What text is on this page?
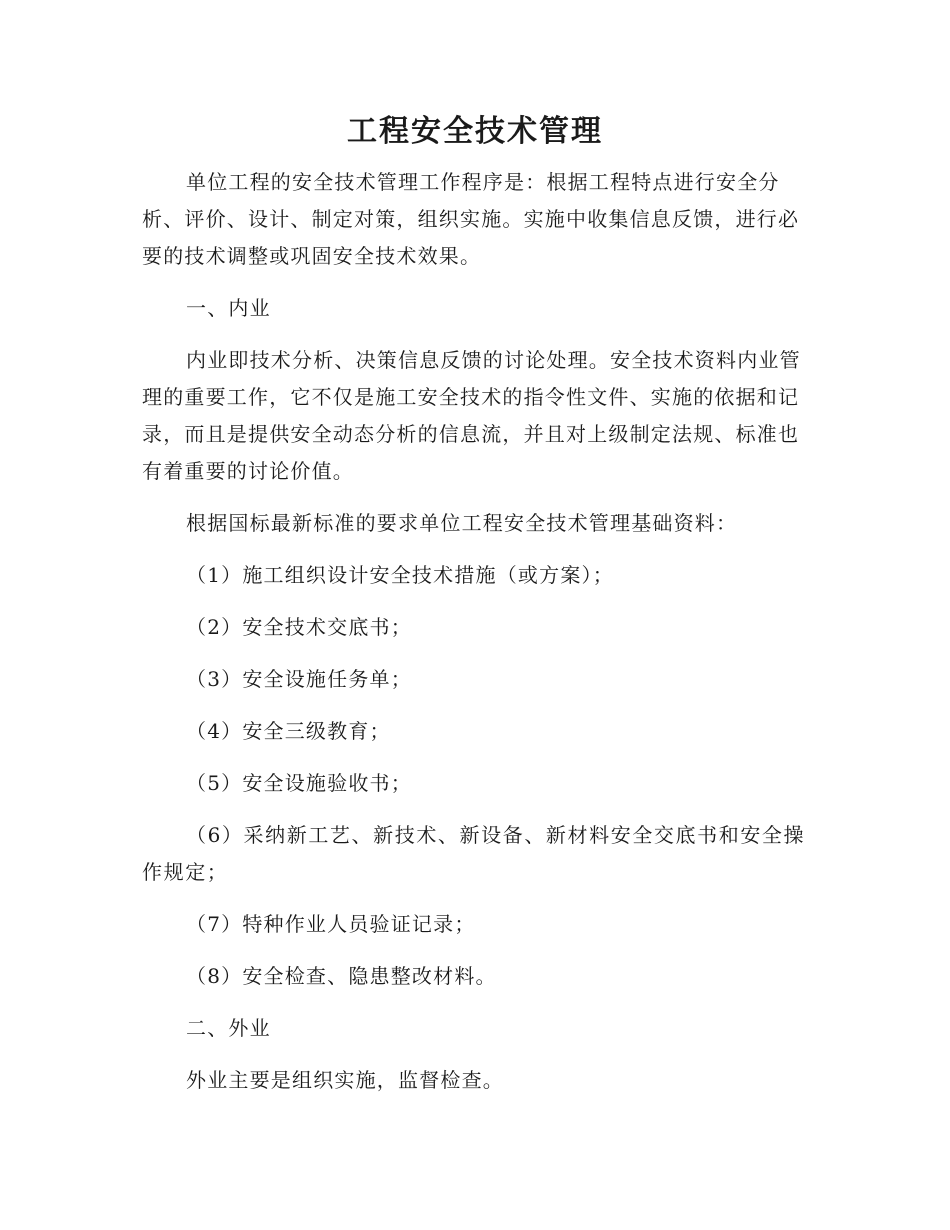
工程安全技术管理

单位工程的安全技术管理工作程序是：根据工程特点进行安全分析、评价、设计、制定对策，组织实施。实施中收集信息反馈，进行必要的技术调整或巩固安全技术效果。

一、内业

内业即技术分析、决策信息反馈的讨论处理。安全技术资料内业管理的重要工作，它不仅是施工安全技术的指令性文件、实施的依据和记录，而且是提供安全动态分析的信息流，并且对上级制定法规、标准也有着重要的讨论价值。

根据国标最新标准的要求单位工程安全技术管理基础资料：

（1）施工组织设计安全技术措施（或方案）；

（2）安全技术交底书；

（3）安全设施任务单；

（4）安全三级教育；

（5）安全设施验收书；

（6）采纳新工艺、新技术、新设备、新材料安全交底书和安全操作规定；

（7）特种作业人员验证记录；

（8）安全检查、隐患整改材料。

二、外业

外业主要是组织实施，监督检查。
